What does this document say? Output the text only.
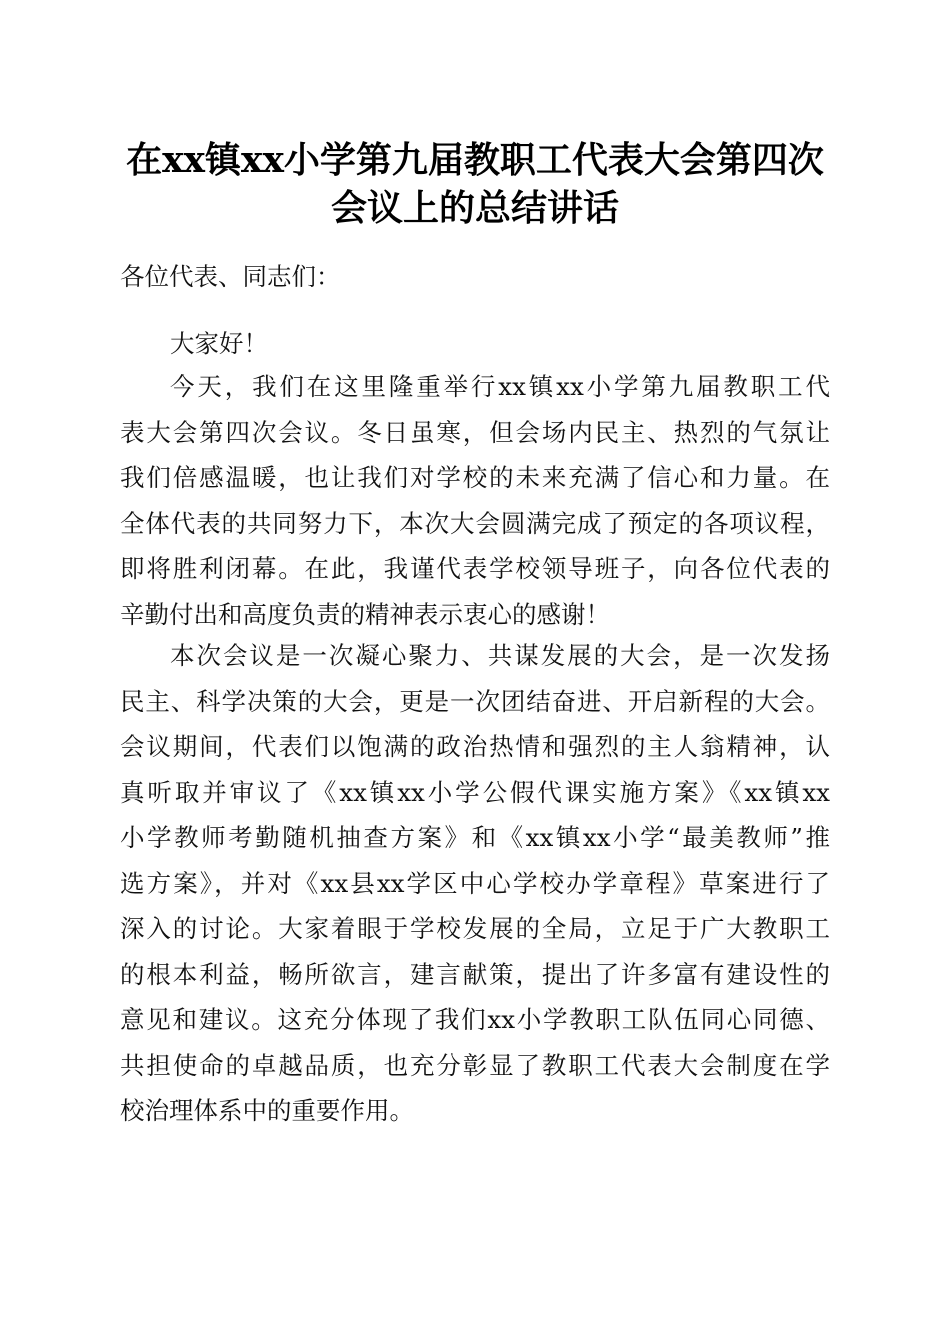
在xx镇xx小学第九届教职工代表大会第四次
会议上的总结讲话
各位代表、同志们：
大家好！
今天，我们在这里隆重举行xx镇xx小学第九届教职工代
表大会第四次会议。冬日虽寒，但会场内民主、热烈的气氛让
我们倍感温暖，也让我们对学校的未来充满了信心和力量。在
全体代表的共同努力下，本次大会圆满完成了预定的各项议程，
即将胜利闭幕。在此，我谨代表学校领导班子，向各位代表的
辛勤付出和高度负责的精神表示衷心的感谢！
本次会议是一次凝心聚力、共谋发展的大会，是一次发扬
民主、科学决策的大会，更是一次团结奋进、开启新程的大会。
会议期间，代表们以饱满的政治热情和强烈的主人翁精神，认
真听取并审议了《xx镇xx小学公假代课实施方案》《xx镇xx
小学教师考勤随机抽查方案》和《xx镇xx小学“最美教师”推
选方案》，并对《xx县xx学区中心学校办学章程》草案进行了
深入的讨论。大家着眼于学校发展的全局，立足于广大教职工
的根本利益，畅所欲言，建言献策，提出了许多富有建设性的
意见和建议。这充分体现了我们xx小学教职工队伍同心同德、
共担使命的卓越品质，也充分彰显了教职工代表大会制度在学
校治理体系中的重要作用。
